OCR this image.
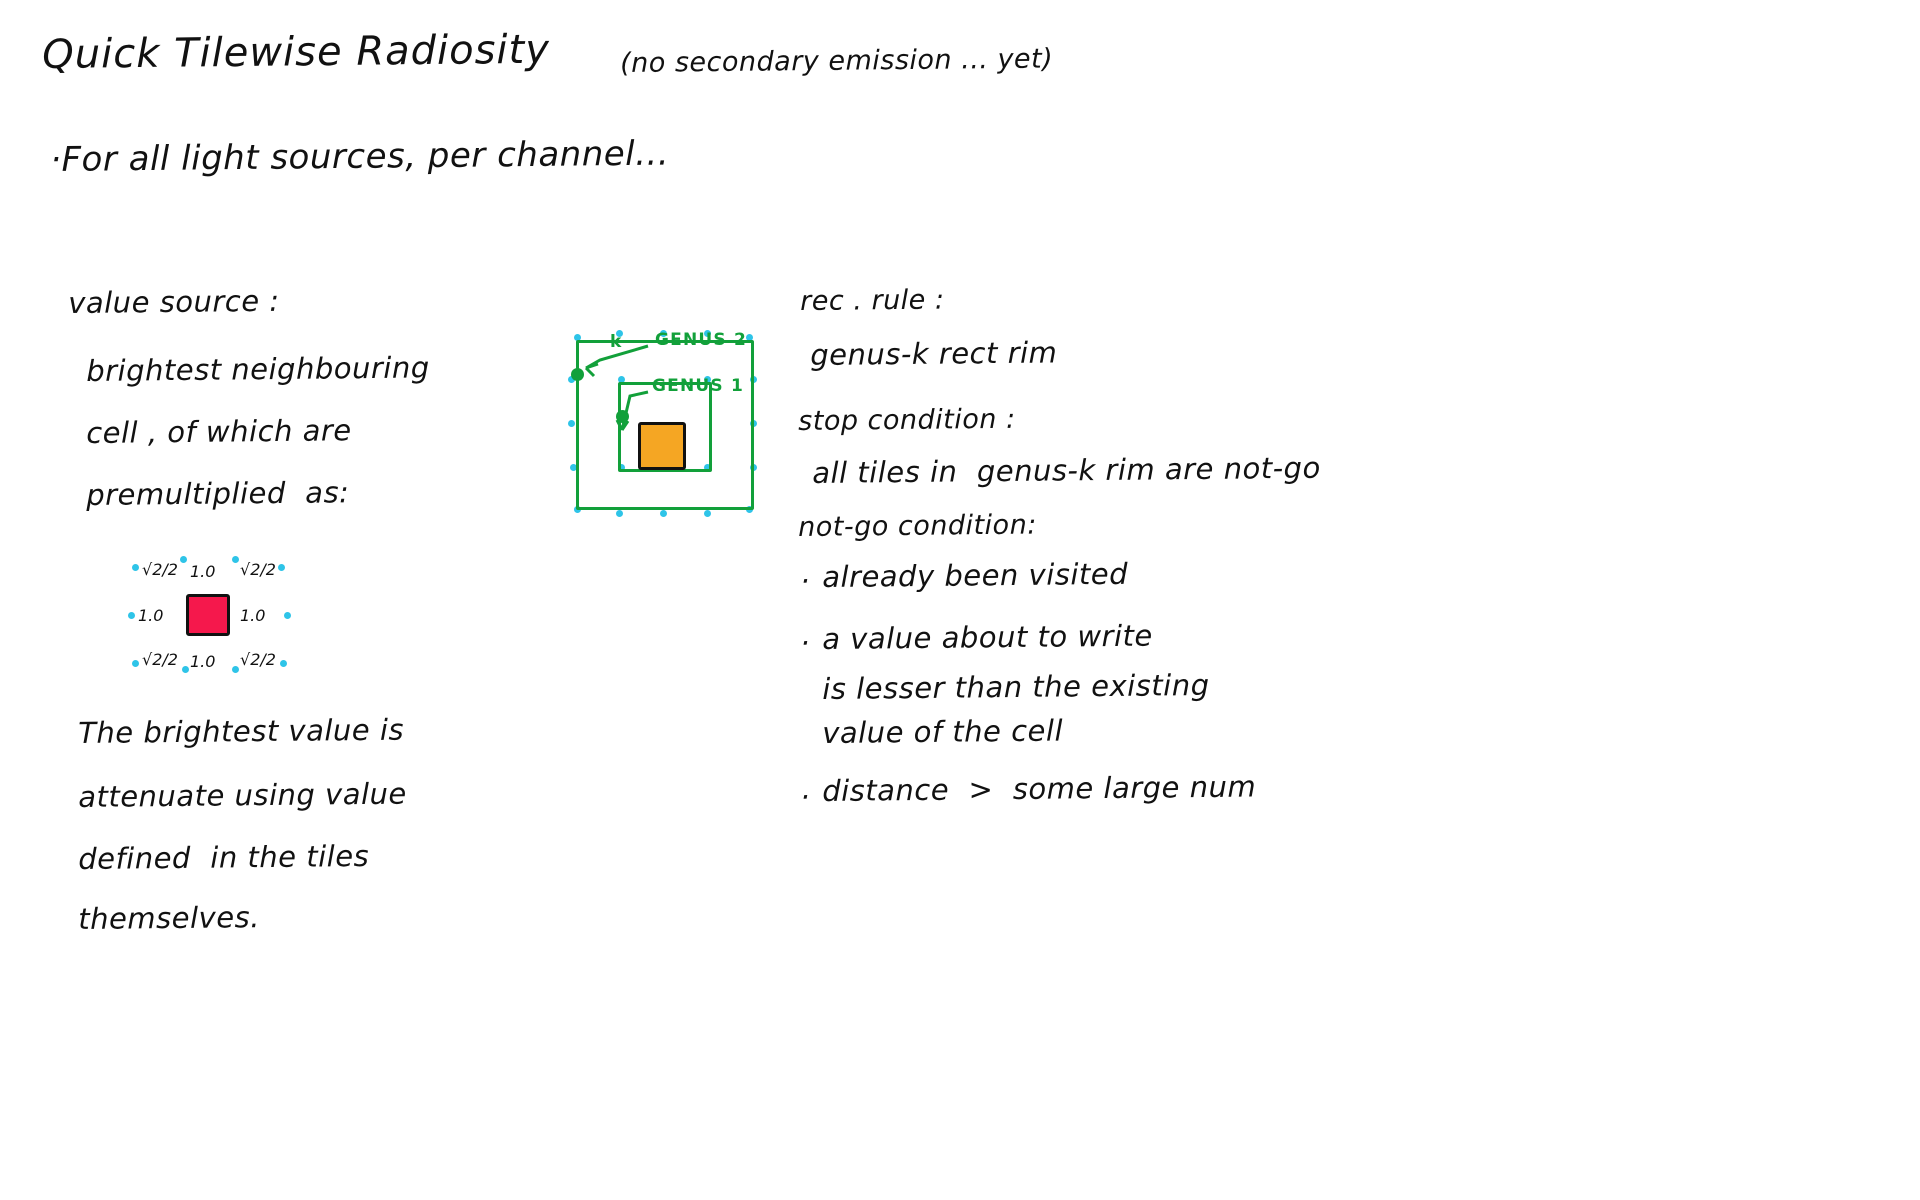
Quick Tilewise Radiosity	(no secondary emission ... yet)
·For all light sources, per channel...
value source :
brightest neighbouring
cell , of which are
premultiplied  as:
√2/2 1.0 √2/2
1.0	1.0
√2/2 1.0 √2/2
The brightest value is
attenuate using value
defined  in the tiles
themselves.
k GENUS 2
GENUS 1
rec . rule :
genus-k rect rim
stop condition :
all tiles in  genus-k rim are not-go
not-go condition:
· already been visited
· a value about to write
is lesser than the existing
value of the cell
· distance  >  some large num
